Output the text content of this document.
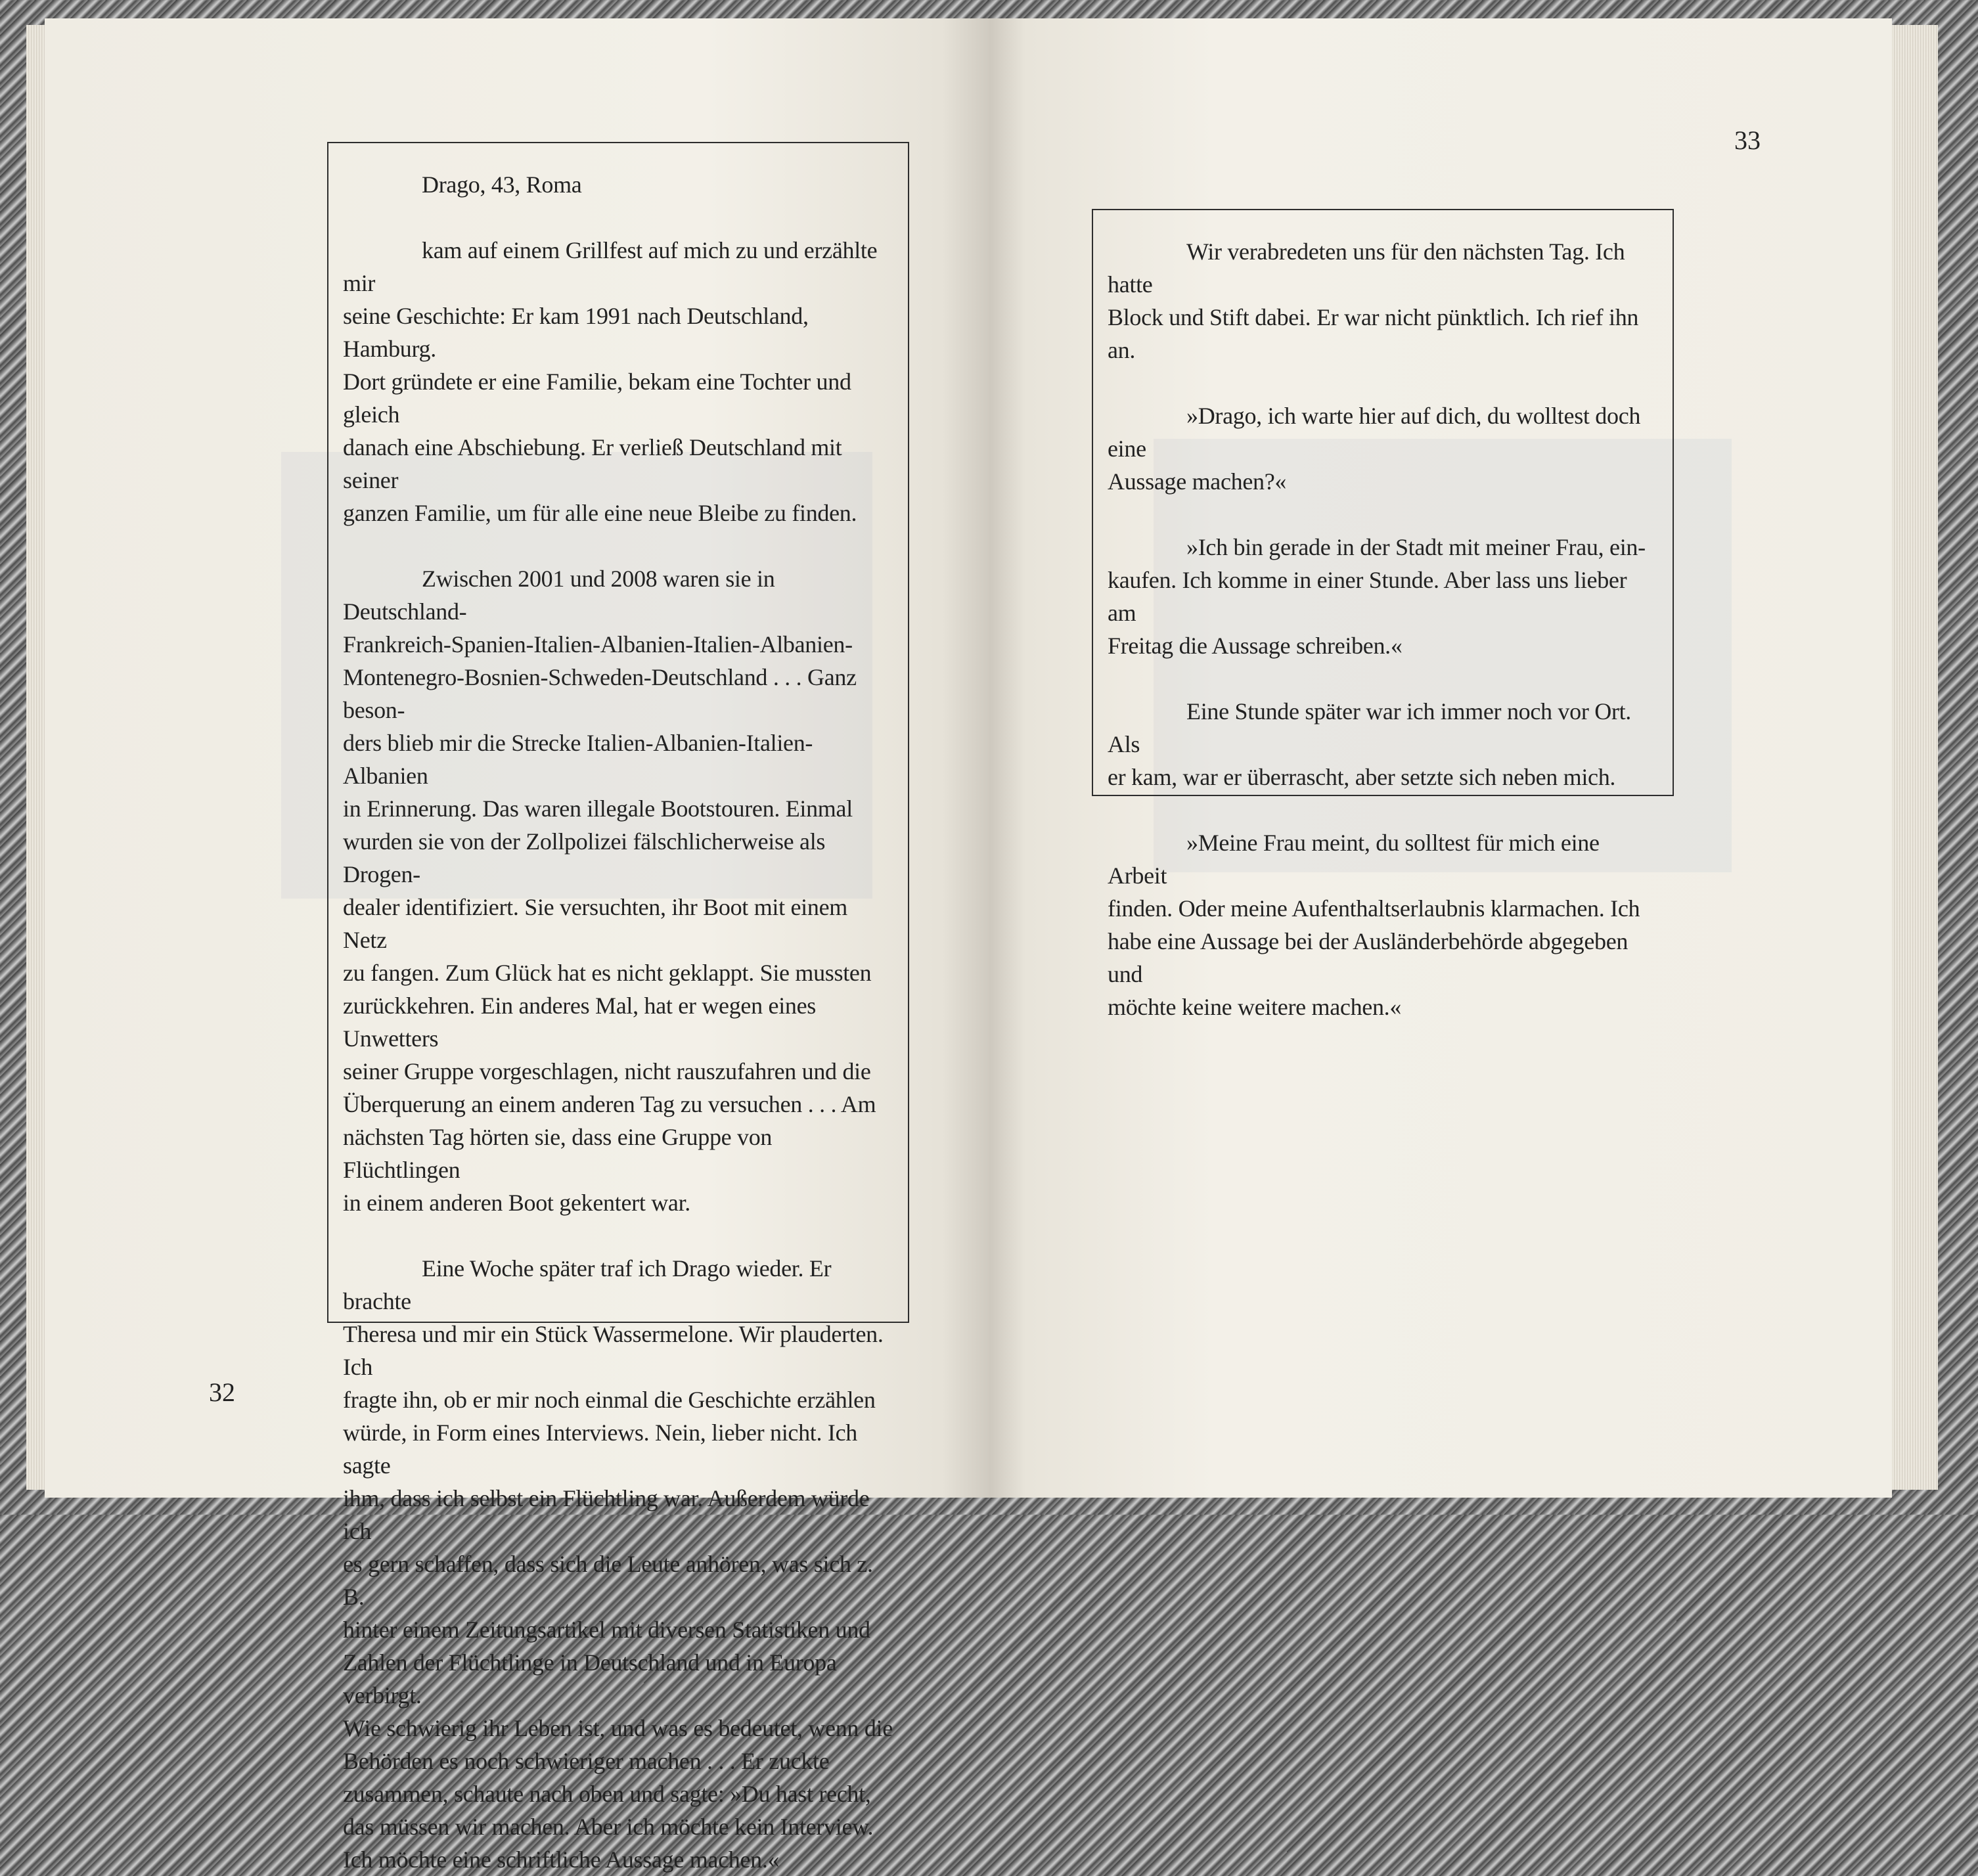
Drago, 43, Roma

kam auf einem Grillfest auf mich zu und erzählte mir
seine Geschichte: Er kam 1991 nach Deutschland, Hamburg.
Dort gründete er eine Familie, bekam eine Tochter und gleich
danach eine Abschiebung. Er verließ Deutschland mit seiner
ganzen Familie, um für alle eine neue Bleibe zu finden.

Zwischen 2001 und 2008 waren sie in Deutschland-
Frankreich-Spanien-Italien-Albanien-Italien-Albanien-
Montenegro-Bosnien-Schweden-Deutschland . . . Ganz beson-
ders blieb mir die Strecke Italien-Albanien-Italien-Albanien
in Erinnerung. Das waren illegale Bootstouren. Einmal
wurden sie von der Zollpolizei fälschlicherweise als Drogen-
dealer identifiziert. Sie versuchten, ihr Boot mit einem Netz
zu fangen. Zum Glück hat es nicht geklappt. Sie mussten
zurückkehren. Ein anderes Mal, hat er wegen eines Unwetters
seiner Gruppe vorgeschlagen, nicht rauszufahren und die
Überquerung an einem anderen Tag zu versuchen . . . Am
nächsten Tag hörten sie, dass eine Gruppe von Flüchtlingen
in einem anderen Boot gekentert war.

Eine Woche später traf ich Drago wieder. Er brachte
Theresa und mir ein Stück Wassermelone. Wir plauderten. Ich
fragte ihn, ob er mir noch einmal die Geschichte erzählen
würde, in Form eines Interviews. Nein, lieber nicht. Ich sagte
ihm, dass ich selbst ein Flüchtling war. Außerdem würde ich
es gern schaffen, dass sich die Leute anhören, was sich z. B.
hinter einem Zeitungsartikel mit diversen Statistiken und
Zahlen der Flüchtlinge in Deutschland und in Europa verbirgt.
Wie schwierig ihr Leben ist, und was es bedeutet, wenn die
Behörden es noch schwieriger machen . . . Er zuckte
zusammen, schaute nach oben und sagte: »Du hast recht,
das müssen wir machen. Aber ich möchte kein Interview.
Ich möchte eine schriftliche Aussage machen.«

32

Wir verabredeten uns für den nächsten Tag. Ich hatte
Block und Stift dabei. Er war nicht pünktlich. Ich rief ihn an.

»Drago, ich warte hier auf dich, du wolltest doch eine
Aussage machen?«

»Ich bin gerade in der Stadt mit meiner Frau, ein-
kaufen. Ich komme in einer Stunde. Aber lass uns lieber am
Freitag die Aussage schreiben.«

Eine Stunde später war ich immer noch vor Ort. Als
er kam, war er überrascht, aber setzte sich neben mich.

»Meine Frau meint, du solltest für mich eine Arbeit
finden. Oder meine Aufenthaltserlaubnis klarmachen. Ich
habe eine Aussage bei der Ausländerbehörde abgegeben und
möchte keine weitere machen.«

33
